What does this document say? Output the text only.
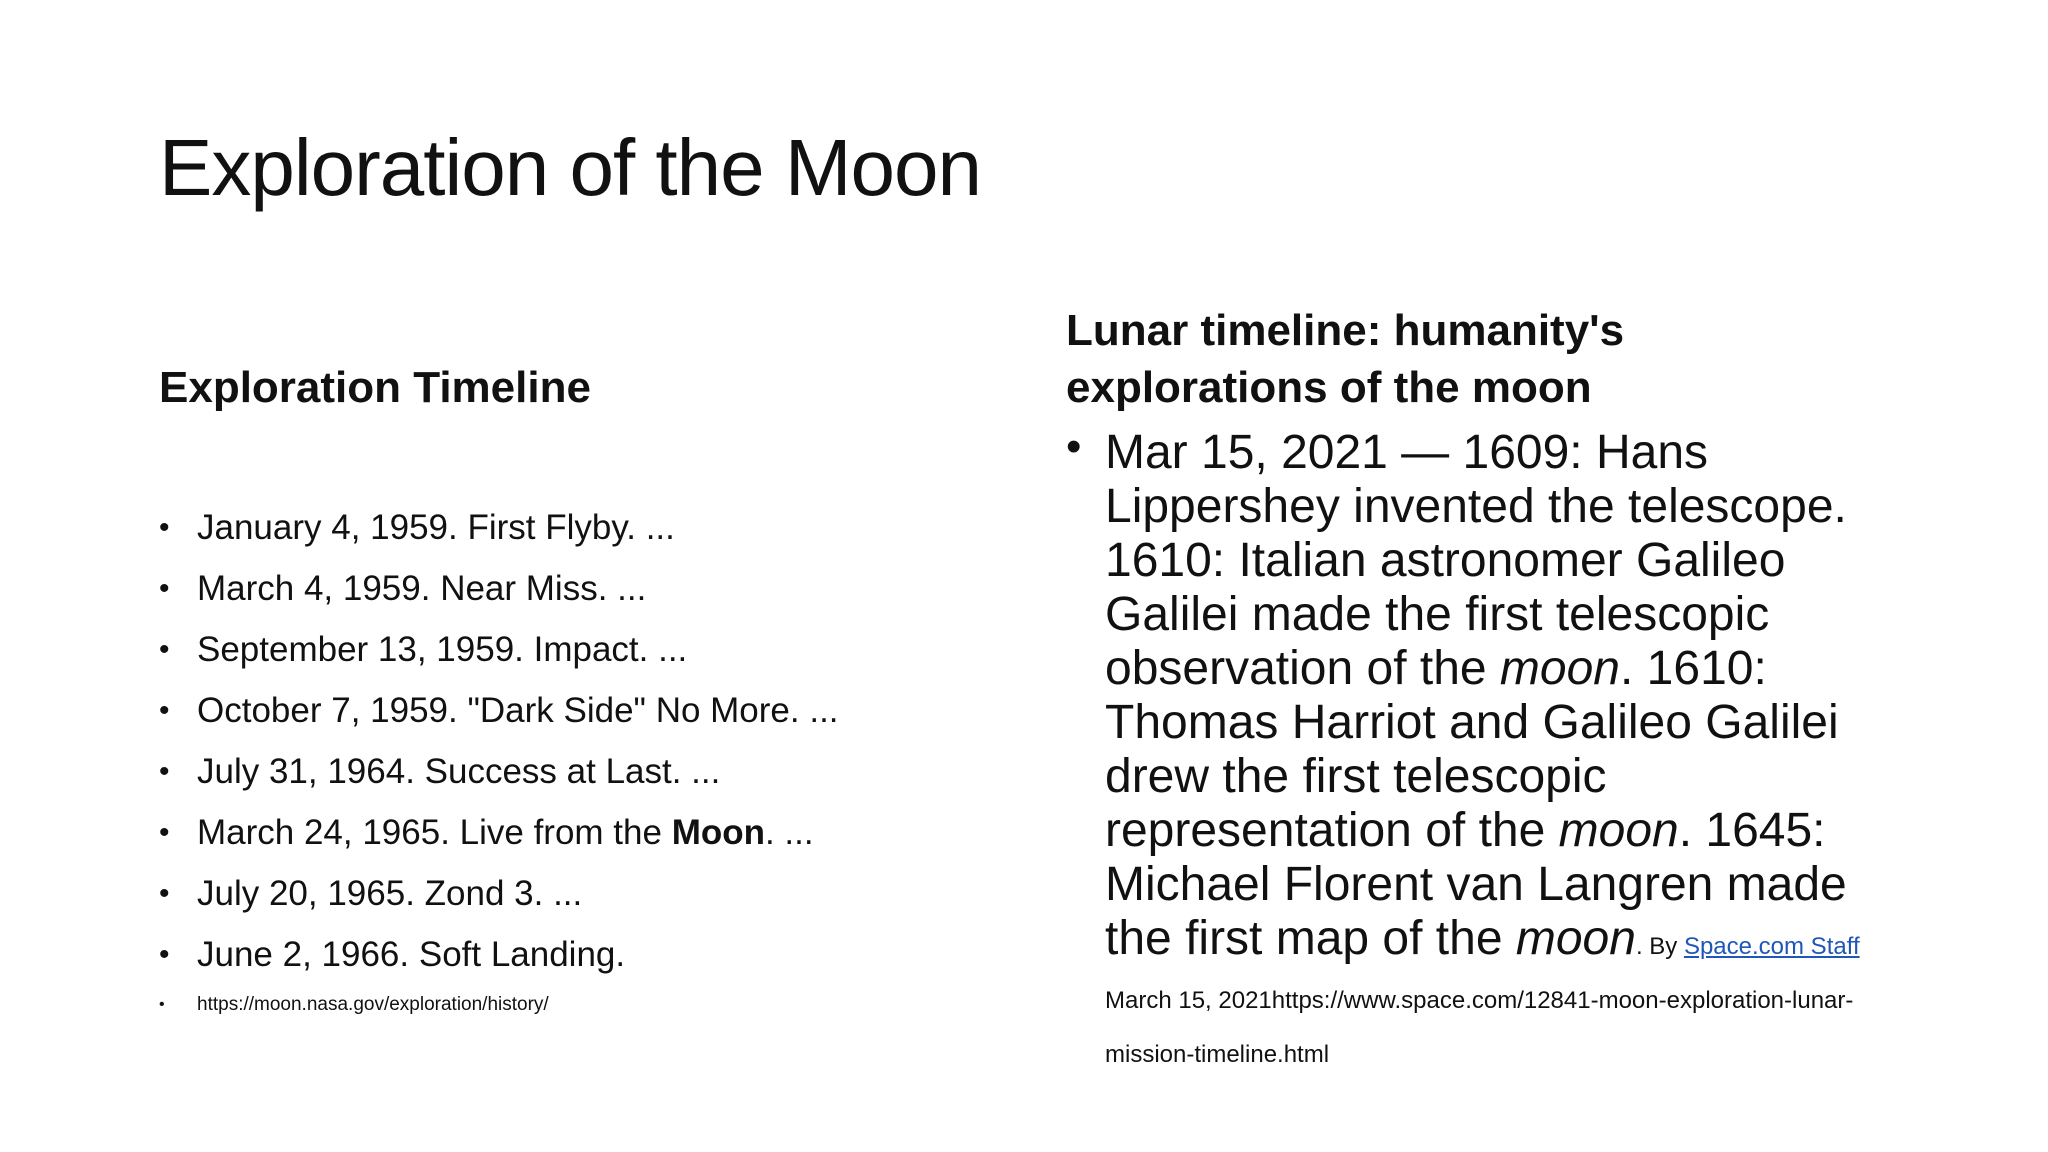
Exploration of the Moon
Exploration Timeline
• January 4, 1959. First Flyby. ...
• March 4, 1959. Near Miss. ...
• September 13, 1959. Impact. ...
• October 7, 1959. "Dark Side" No More. ...
• July 31, 1964. Success at Last. ...
• March 24, 1965. Live from the Moon. ...
• July 20, 1965. Zond 3. ...
• June 2, 1966. Soft Landing.
• https://moon.nasa.gov/exploration/history/
Lunar timeline: humanity's explorations of the moon
• Mar 15, 2021 — 1609: Hans Lippershey invented the telescope. 1610: Italian astronomer Galileo Galilei made the first telescopic observation of the moon. 1610: Thomas Harriot and Galileo Galilei drew the first telescopic representation of the moon. 1645: Michael Florent van Langren made the first map of the moon. By Space.com Staff March 15, 2021https://www.space.com/12841-moon-exploration-lunar-mission-timeline.html
